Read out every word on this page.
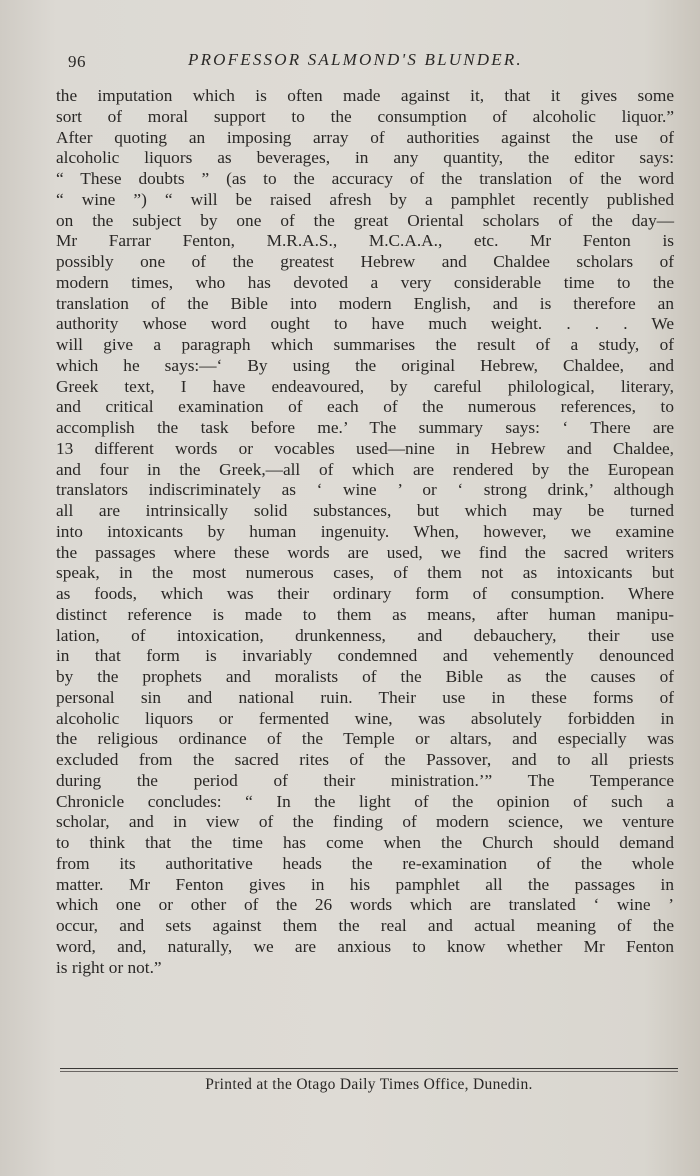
96	PROFESSOR SALMOND'S BLUNDER.
the imputation which is often made against it, that it gives some
sort of moral support to the consumption of alcoholic liquor.”
After quoting an imposing array of authorities against the use of
alcoholic liquors as beverages, in any quantity, the editor says:
“ These doubts ” (as to the accuracy of the translation of the word
“ wine ”) “ will be raised afresh by a pamphlet recently published
on the subject by one of the great Oriental scholars of the day—
Mr Farrar Fenton, M.R.A.S., M.C.A.A., etc. Mr Fenton is
possibly one of the greatest Hebrew and Chaldee scholars of
modern times, who has devoted a very considerable time to the
translation of the Bible into modern English, and is therefore an
authority whose word ought to have much weight. . . . We
will give a paragraph which summarises the result of a study, of
which he says:—‘ By using the original Hebrew, Chaldee, and
Greek text, I have endeavoured, by careful philological, literary,
and critical examination of each of the numerous references, to
accomplish the task before me.’ The summary says: ‘ There are
13 different words or vocables used—nine in Hebrew and Chaldee,
and four in the Greek,—all of which are rendered by the European
translators indiscriminately as ‘ wine ’ or ‘ strong drink,’ although
all are intrinsically solid substances, but which may be turned
into intoxicants by human ingenuity. When, however, we examine
the passages where these words are used, we find the sacred writers
speak, in the most numerous cases, of them not as intoxicants but
as foods, which was their ordinary form of consumption. Where
distinct reference is made to them as means, after human manipu-
lation, of intoxication, drunkenness, and debauchery, their use
in that form is invariably condemned and vehemently denounced
by the prophets and moralists of the Bible as the causes of
personal sin and national ruin. Their use in these forms of
alcoholic liquors or fermented wine, was absolutely forbidden in
the religious ordinance of the Temple or altars, and especially was
excluded from the sacred rites of the Passover, and to all priests
during the period of their ministration.’” The Temperance
Chronicle concludes: “ In the light of the opinion of such a
scholar, and in view of the finding of modern science, we venture
to think that the time has come when the Church should demand
from its authoritative heads the re-examination of the whole
matter. Mr Fenton gives in his pamphlet all the passages in
which one or other of the 26 words which are translated ‘ wine ’
occur, and sets against them the real and actual meaning of the
word, and, naturally, we are anxious to know whether Mr Fenton
is right or not.”
Printed at the Otago Daily Times Office, Dunedin.
